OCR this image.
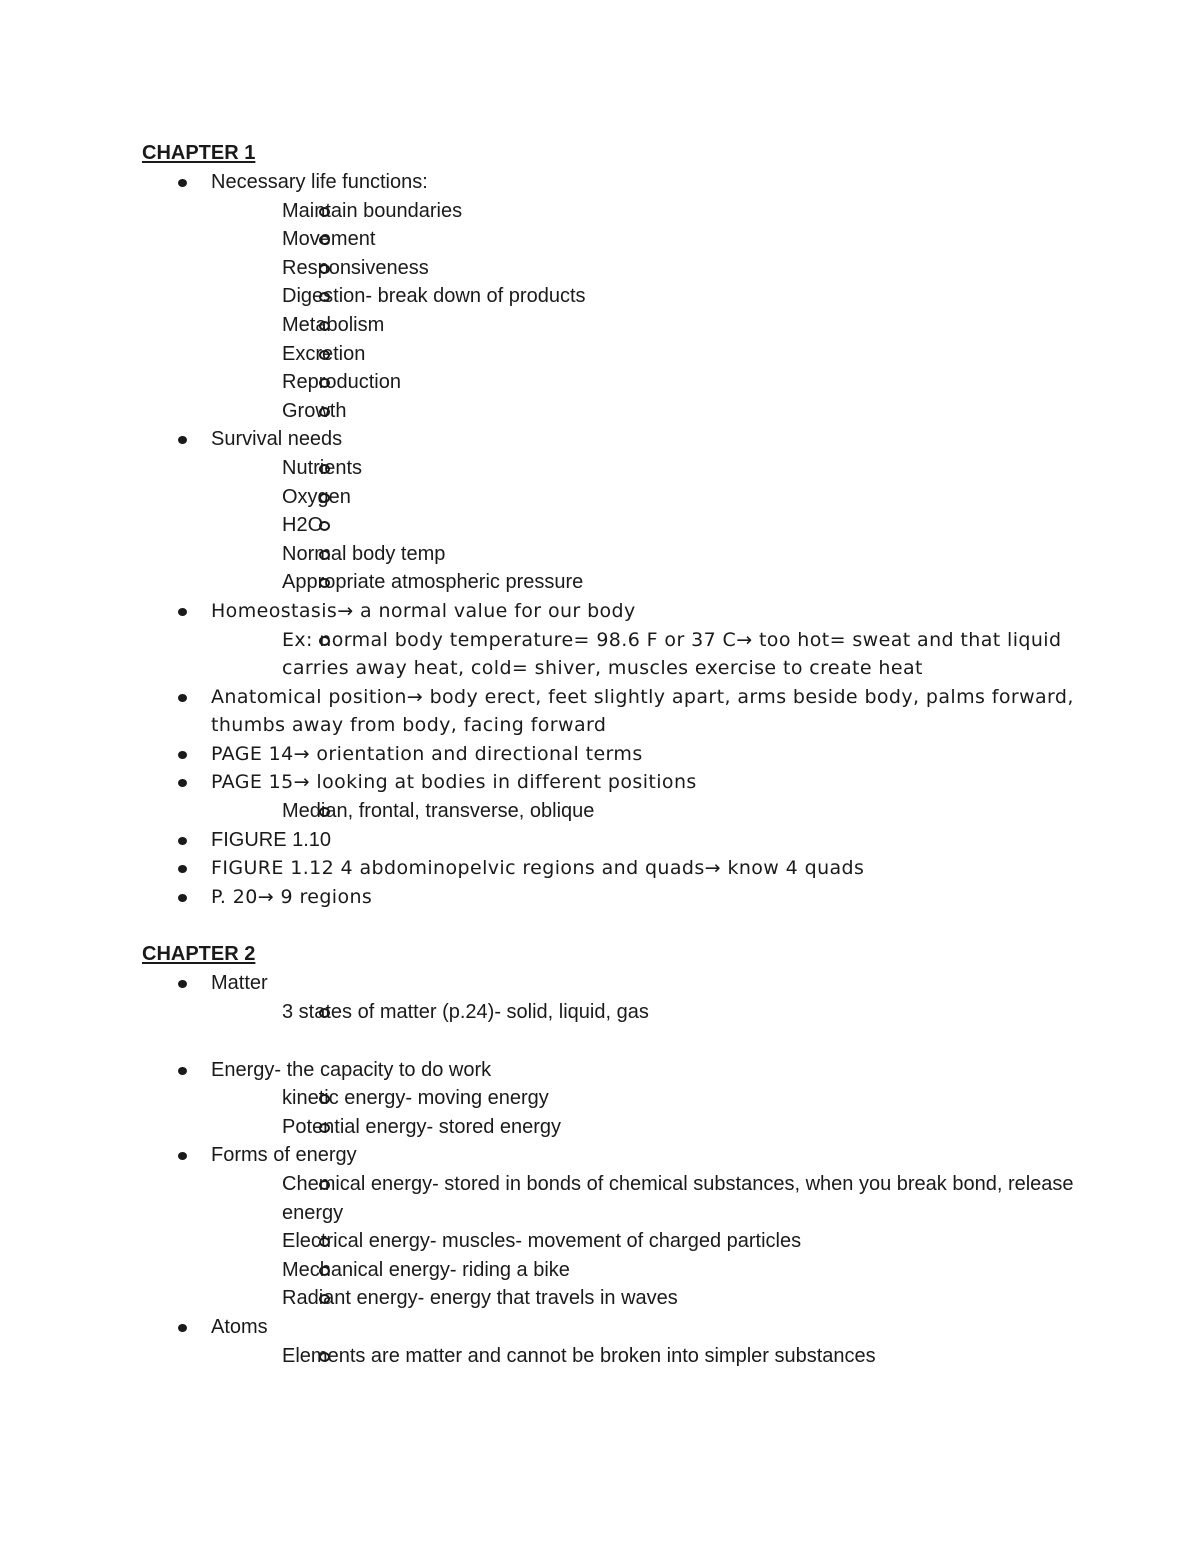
CHAPTER 1
Necessary life functions:
Maintain boundaries
Movement
Responsiveness
Digestion- break down of products
Metabolism
Excretion
Reproduction
Growth
Survival needs
Nutrients
Oxygen
H2O
Normal body temp
Appropriate atmospheric pressure
Homeostasis→ a normal value for our body
Ex: normal body temperature= 98.6 F or 37 C→ too hot= sweat and that liquid carries away heat, cold= shiver, muscles exercise to create heat
Anatomical position→ body erect, feet slightly apart, arms beside body, palms forward, thumbs away from body, facing forward
PAGE 14→ orientation and directional terms
PAGE 15→ looking at bodies in different positions
Median, frontal, transverse, oblique
FIGURE 1.10
FIGURE 1.12 4 abdominopelvic regions and quads→ know 4 quads
P. 20→ 9 regions
CHAPTER 2
Matter
3 states of matter (p.24)- solid, liquid, gas
Energy- the capacity to do work
kinetic energy- moving energy
Potential energy- stored energy
Forms of energy
Chemical energy- stored in bonds of chemical substances, when you break bond, release energy
Electrical energy- muscles- movement of charged particles
Mechanical energy- riding a bike
Radiant energy- energy that travels in waves
Atoms
Elements are matter and cannot be broken into simpler substances
